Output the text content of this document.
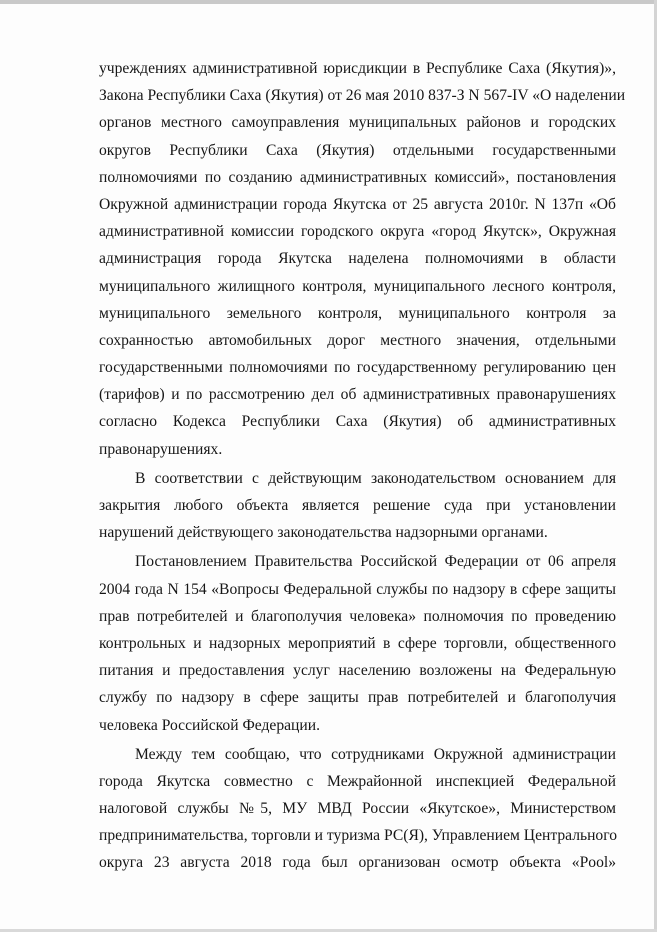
учреждениях административной юрисдикции в Республике Саха (Якутия)»,
Закона Республики Саха (Якутия) от 26 мая 2010 837-З N 567-IV «О наделении
органов местного самоуправления муниципальных районов и городских
округов Республики Саха (Якутия) отдельными государственными
полномочиями по созданию административных комиссий», постановления
Окружной администрации города Якутска от 25 августа 2010г. N 137п «Об
административной комиссии городского округа «город Якутск», Окружная
администрация города Якутска наделена полномочиями в области
муниципального жилищного контроля, муниципального лесного контроля,
муниципального земельного контроля, муниципального контроля за
сохранностью автомобильных дорог местного значения, отдельными
государственными полномочиями по государственному регулированию цен
(тарифов) и по рассмотрению дел об административных правонарушениях
согласно Кодекса Республики Саха (Якутия) об административных
правонарушениях.
В соответствии с действующим законодательством основанием для
закрытия любого объекта является решение суда при установлении
нарушений действующего законодательства надзорными органами.
Постановлением Правительства Российской Федерации от 06 апреля
2004 года N 154 «Вопросы Федеральной службы по надзору в сфере защиты
прав потребителей и благополучия человека» полномочия по проведению
контрольных и надзорных мероприятий в сфере торговли, общественного
питания и предоставления услуг населению возложены на Федеральную
службу по надзору в сфере защиты прав потребителей и благополучия
человека Российской Федерации.
Между тем сообщаю, что сотрудниками Окружной администрации
города Якутска совместно с Межрайонной инспекцией Федеральной
налоговой службы №5, МУ МВД России «Якутское», Министерством
предпринимательства, торговли и туризма РС(Я), Управлением Центрального
округа 23 августа 2018 года был организован осмотр объекта «Pool»
